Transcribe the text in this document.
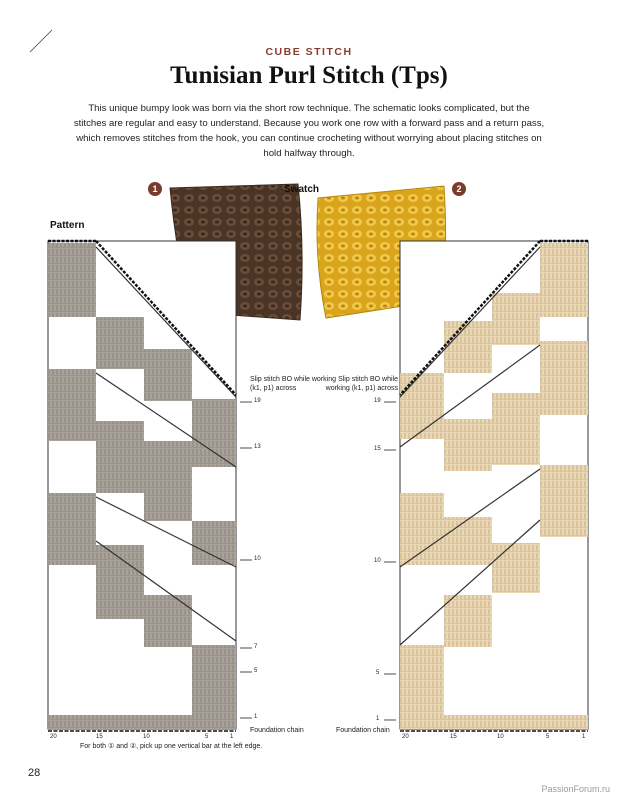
CUBE STITCH
Tunisian Purl Stitch (Tps)
This unique bumpy look was born via the short row technique. The schematic looks complicated, but the stitches are regular and easy to understand. Because you work one row with a forward pass and a return pass, which removes stitches from the hook, you can continue crocheting without worrying about placing stitches on hold halfway through.
1	Swatch	2
Pattern
Slip stitch BO while working (k1, p1) across
19
13
10
7
5
1
Foundation chain
20	15	10	5	1
Slip stitch BO while working (k1, p1) across
19
15
10
5
1
Foundation chain
20	15	10	5	1
For both ① and ②, pick up one vertical bar at the left edge.
28
PassionForum.ru
